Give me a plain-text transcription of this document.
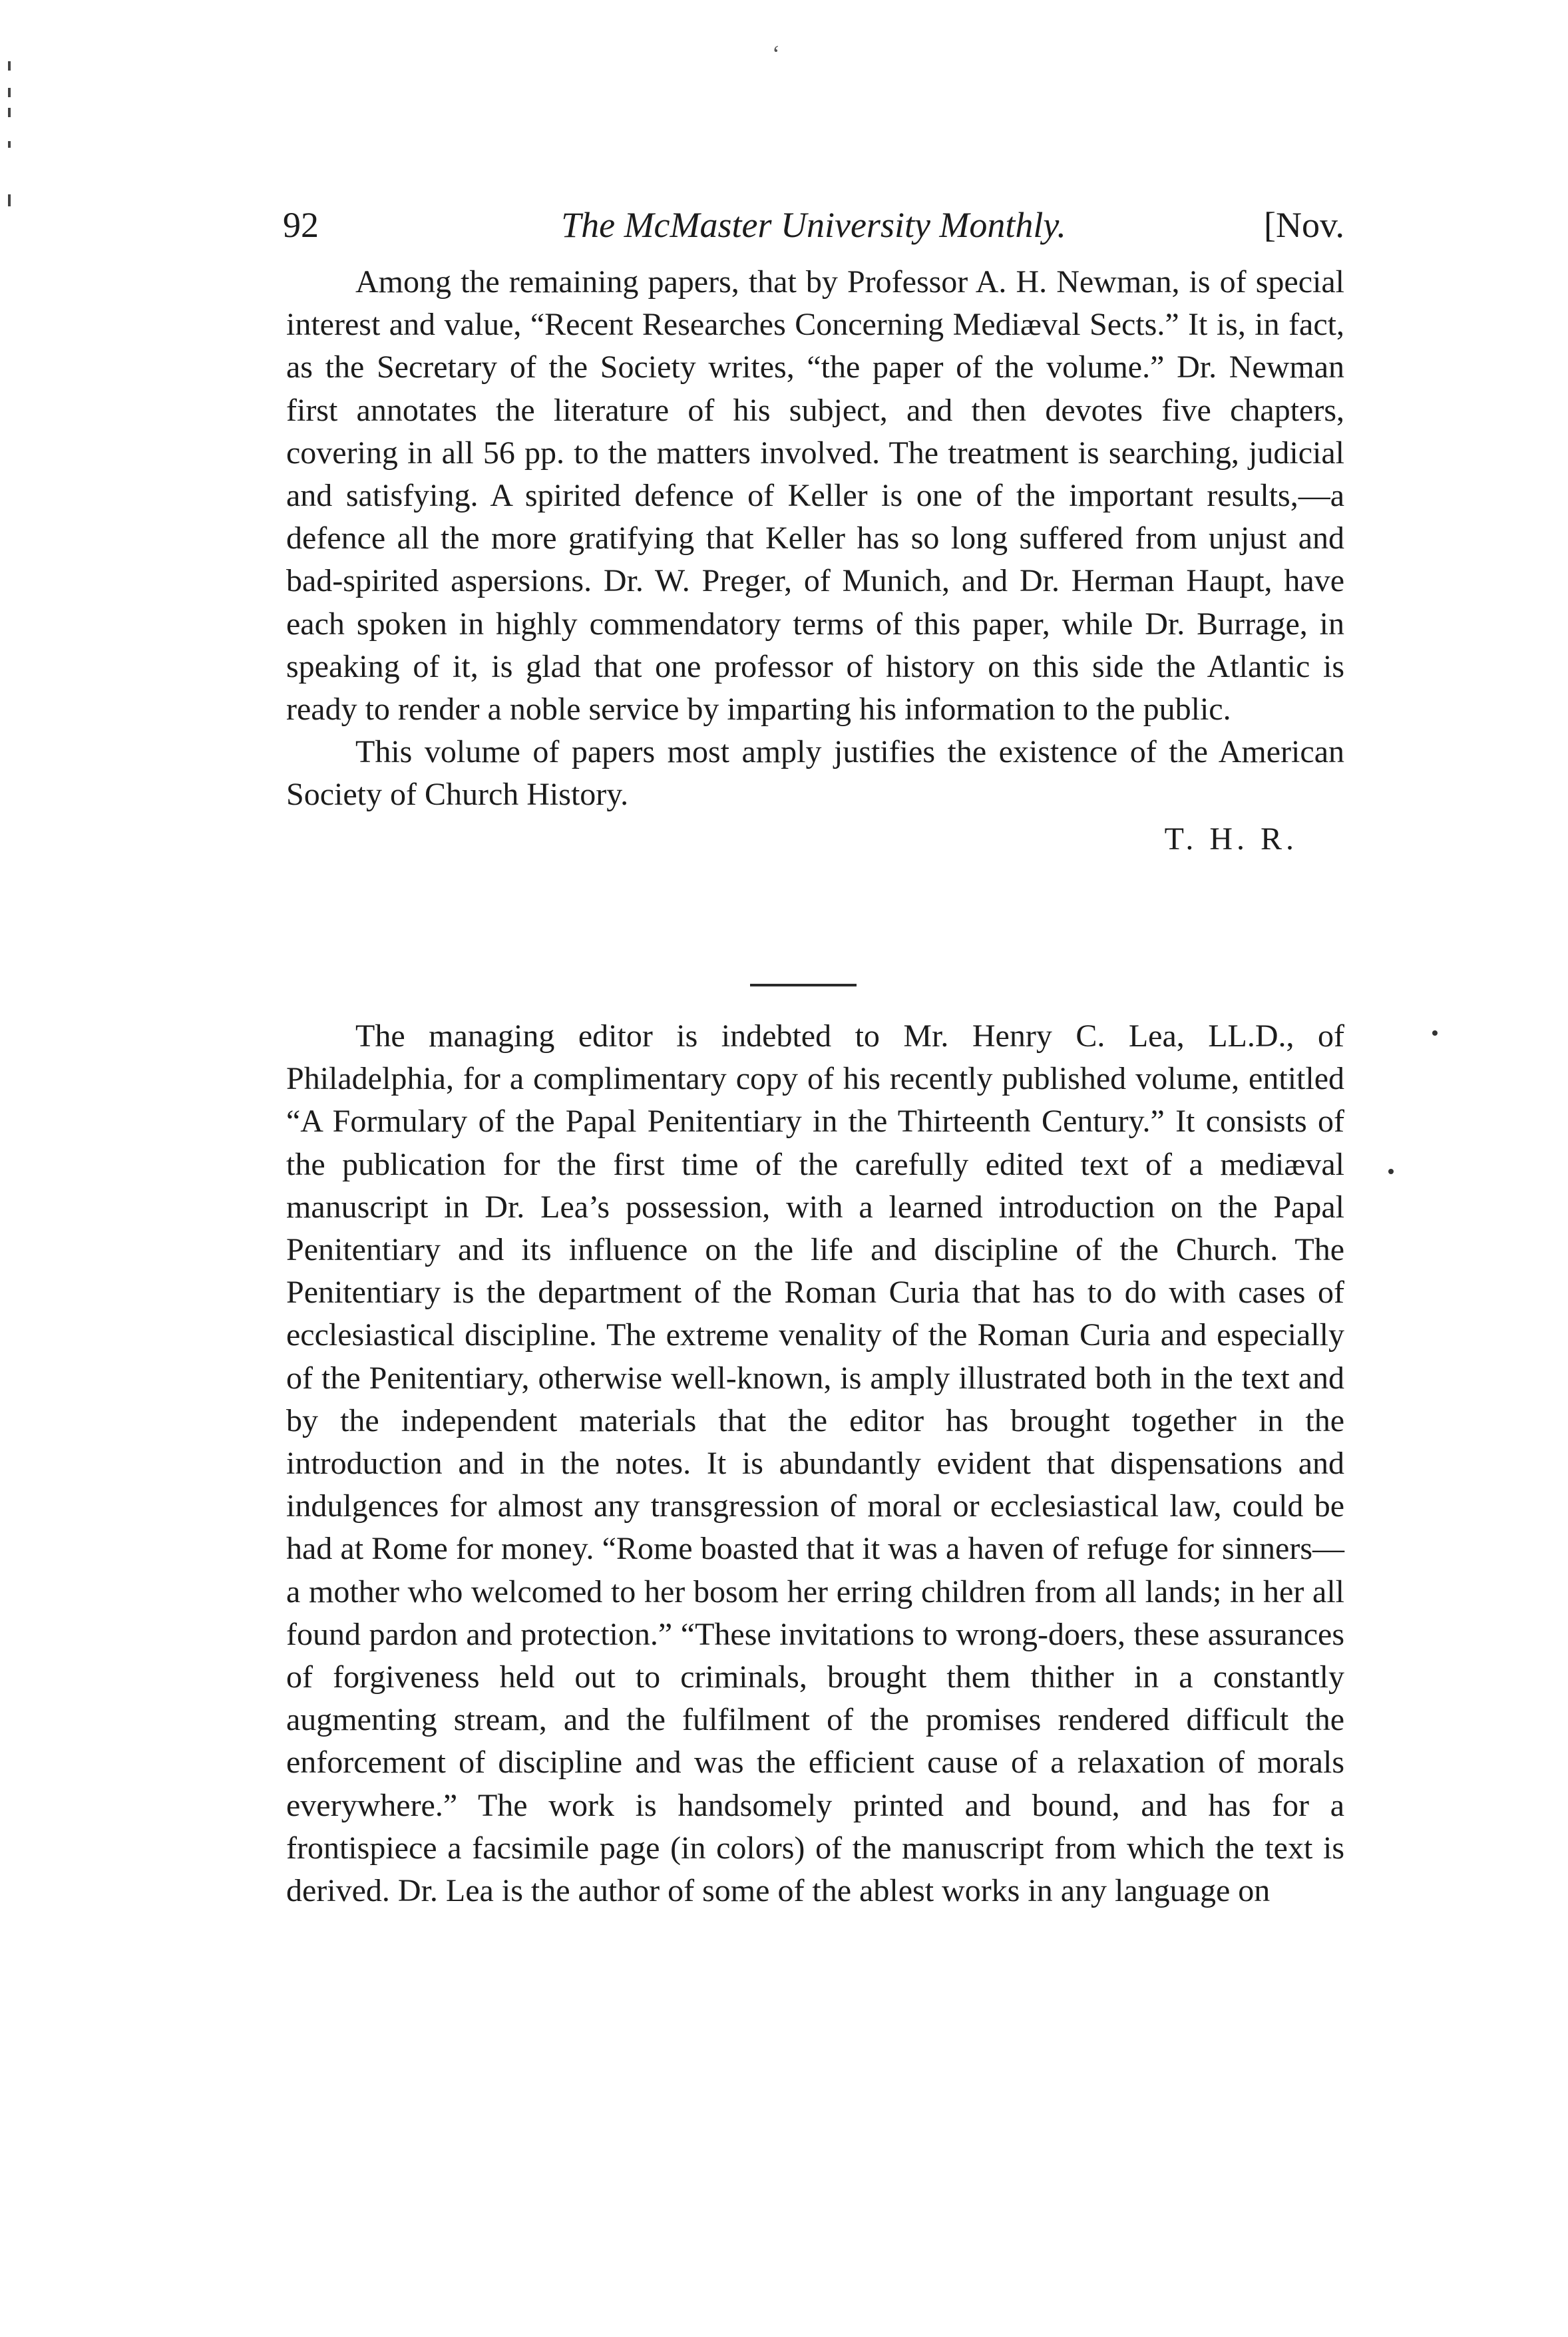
‘
92	The McMaster University Monthly.	[Nov.

Among the remaining papers, that by Professor A. H. Newman, is of special interest and value, “Recent Researches Concerning Mediæval Sects.” It is, in fact, as the Secretary of the Society writes, “the paper of the volume.” Dr. Newman first annotates the literature of his subject, and then devotes five chapters, covering in all 56 pp. to the matters involved. The treatment is searching, judicial and satisfying. A spirited defence of Keller is one of the important results,—a defence all the more gratifying that Keller has so long suffered from unjust and bad-spirited aspersions. Dr. W. Preger, of Munich, and Dr. Herman Haupt, have each spoken in highly commendatory terms of this paper, while Dr. Burrage, in speaking of it, is glad that one professor of history on this side the Atlantic is ready to render a noble service by imparting his information to the public.

This volume of papers most amply justifies the existence of the American Society of Church History.

T. H. R.

The managing editor is indebted to Mr. Henry C. Lea, LL.D., of Philadelphia, for a complimentary copy of his recently published volume, entitled “A Formulary of the Papal Penitentiary in the Thirteenth Century.” It consists of the publication for the first time of the carefully edited text of a mediæval manuscript in Dr. Lea’s possession, with a learned introduction on the Papal Penitentiary and its influence on the life and discipline of the Church. The Penitentiary is the department of the Roman Curia that has to do with cases of ecclesiastical discipline. The extreme venality of the Roman Curia and especially of the Penitentiary, otherwise well-known, is amply illustrated both in the text and by the independent materials that the editor has brought together in the introduction and in the notes. It is abundantly evident that dispensations and indulgences for almost any transgression of moral or ecclesiastical law, could be had at Rome for money. “Rome boasted that it was a haven of refuge for sinners—a mother who welcomed to her bosom her erring children from all lands; in her all found pardon and protection.” “These invitations to wrong-doers, these assurances of forgiveness held out to criminals, brought them thither in a constantly augmenting stream, and the fulfilment of the promises rendered difficult the enforcement of discipline and was the efficient cause of a relaxation of morals everywhere.” The work is handsomely printed and bound, and has for a frontispiece a facsimile page (in colors) of the manuscript from which the text is derived. Dr. Lea is the author of some of the ablest works in any language on
